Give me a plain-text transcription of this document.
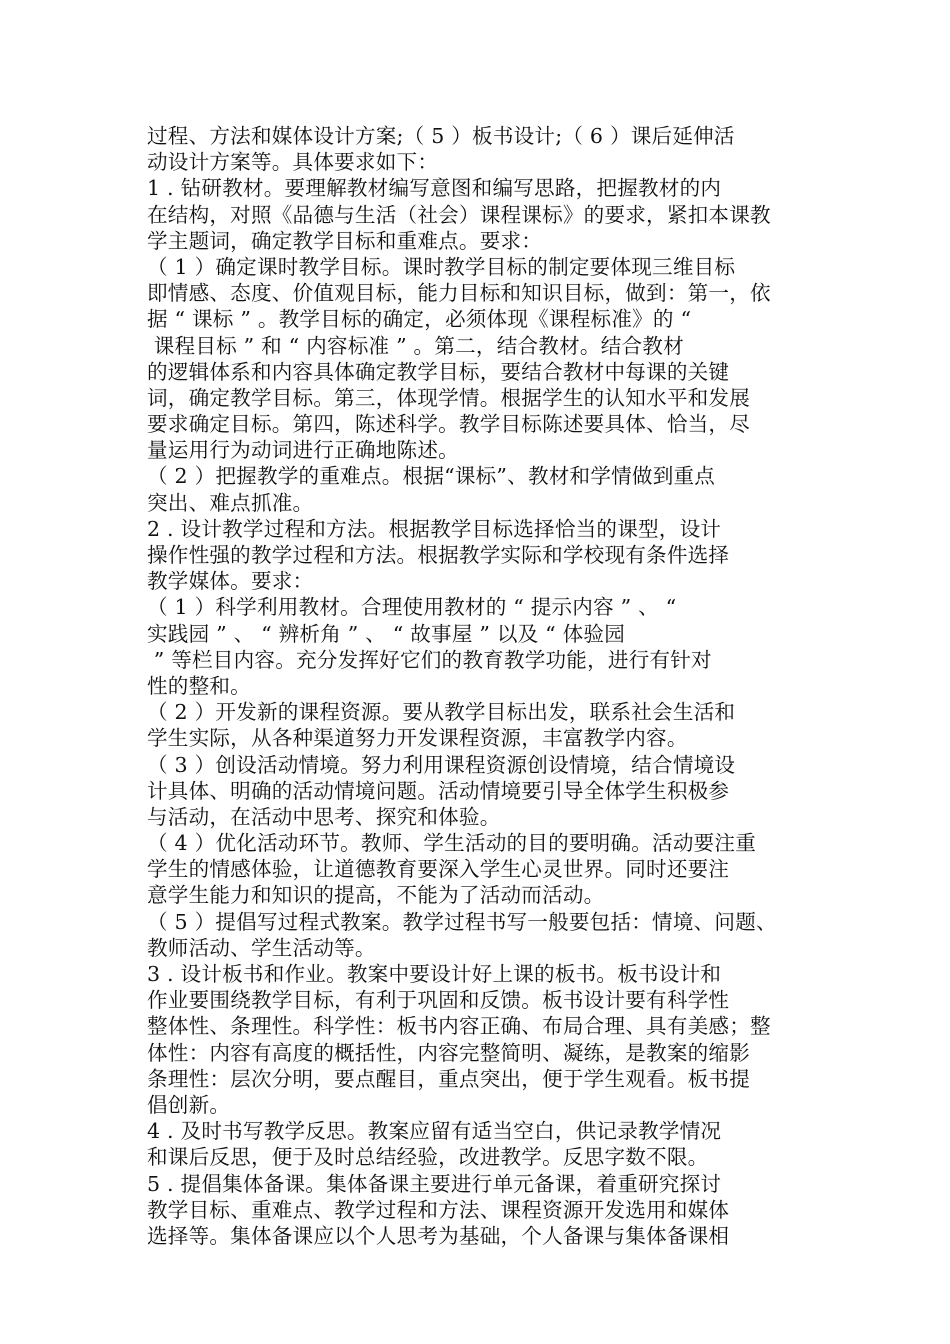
过程、方法和媒体设计方案;（ 5 ）板书设计;（ 6 ）课后延伸活
动设计方案等。具体要求如下：
1 . 钻研教材。要理解教材编写意图和编写思路，把握教材的内
在结构，对照《品德与生活（社会）课程课标》的要求，紧扣本课教
学主题词，确定教学目标和重难点。要求：
（ 1 ）确定课时教学目标。课时教学目标的制定要体现三维目标
即情感、态度、价值观目标，能力目标和知识目标，做到：第一，依
据 “ 课标 ” 。教学目标的确定，必须体现《课程标准》的 “
课程目标 ” 和 “ 内容标准 ” 。第二，结合教材。结合教材
的逻辑体系和内容具体确定教学目标，要结合教材中每课的关键
词，确定教学目标。第三，体现学情。根据学生的认知水平和发展
要求确定目标。第四，陈述科学。教学目标陈述要具体、恰当，尽
量运用行为动词进行正确地陈述。
（ 2 ）把握教学的重难点。根据“课标”、教材和学情做到重点
突出、难点抓准。
2 . 设计教学过程和方法。根据教学目标选择恰当的课型，设计
操作性强的教学过程和方法。根据教学实际和学校现有条件选择
教学媒体。要求：
（ 1 ）科学利用教材。合理使用教材的 “ 提示内容 ” 、 “
实践园 ” 、 “ 辨析角 ” 、 “ 故事屋 ” 以及 “ 体验园
” 等栏目内容。充分发挥好它们的教育教学功能，进行有针对
性的整和。
（ 2 ）开发新的课程资源。要从教学目标出发，联系社会生活和
学生实际，从各种渠道努力开发课程资源，丰富教学内容。
（ 3 ）创设活动情境。努力利用课程资源创设情境，结合情境设
计具体、明确的活动情境问题。活动情境要引导全体学生积极参
与活动，在活动中思考、探究和体验。
（ 4 ）优化活动环节。教师、学生活动的目的要明确。活动要注重
学生的情感体验，让道德教育要深入学生心灵世界。同时还要注
意学生能力和知识的提高，不能为了活动而活动。
（ 5 ）提倡写过程式教案。教学过程书写一般要包括：情境、问题、
教师活动、学生活动等。
3 . 设计板书和作业。教案中要设计好上课的板书。板书设计和
作业要围绕教学目标，有利于巩固和反馈。板书设计要有科学性
整体性、条理性。科学性：板书内容正确、布局合理、具有美感；整
体性：内容有高度的概括性，内容完整简明、凝练，是教案的缩影
条理性：层次分明，要点醒目，重点突出，便于学生观看。板书提
倡创新。
4 . 及时书写教学反思。教案应留有适当空白，供记录教学情况
和课后反思，便于及时总结经验，改进教学。反思字数不限。
5 . 提倡集体备课。集体备课主要进行单元备课，着重研究探讨
教学目标、重难点、教学过程和方法、课程资源开发选用和媒体
选择等。集体备课应以个人思考为基础，个人备课与集体备课相
